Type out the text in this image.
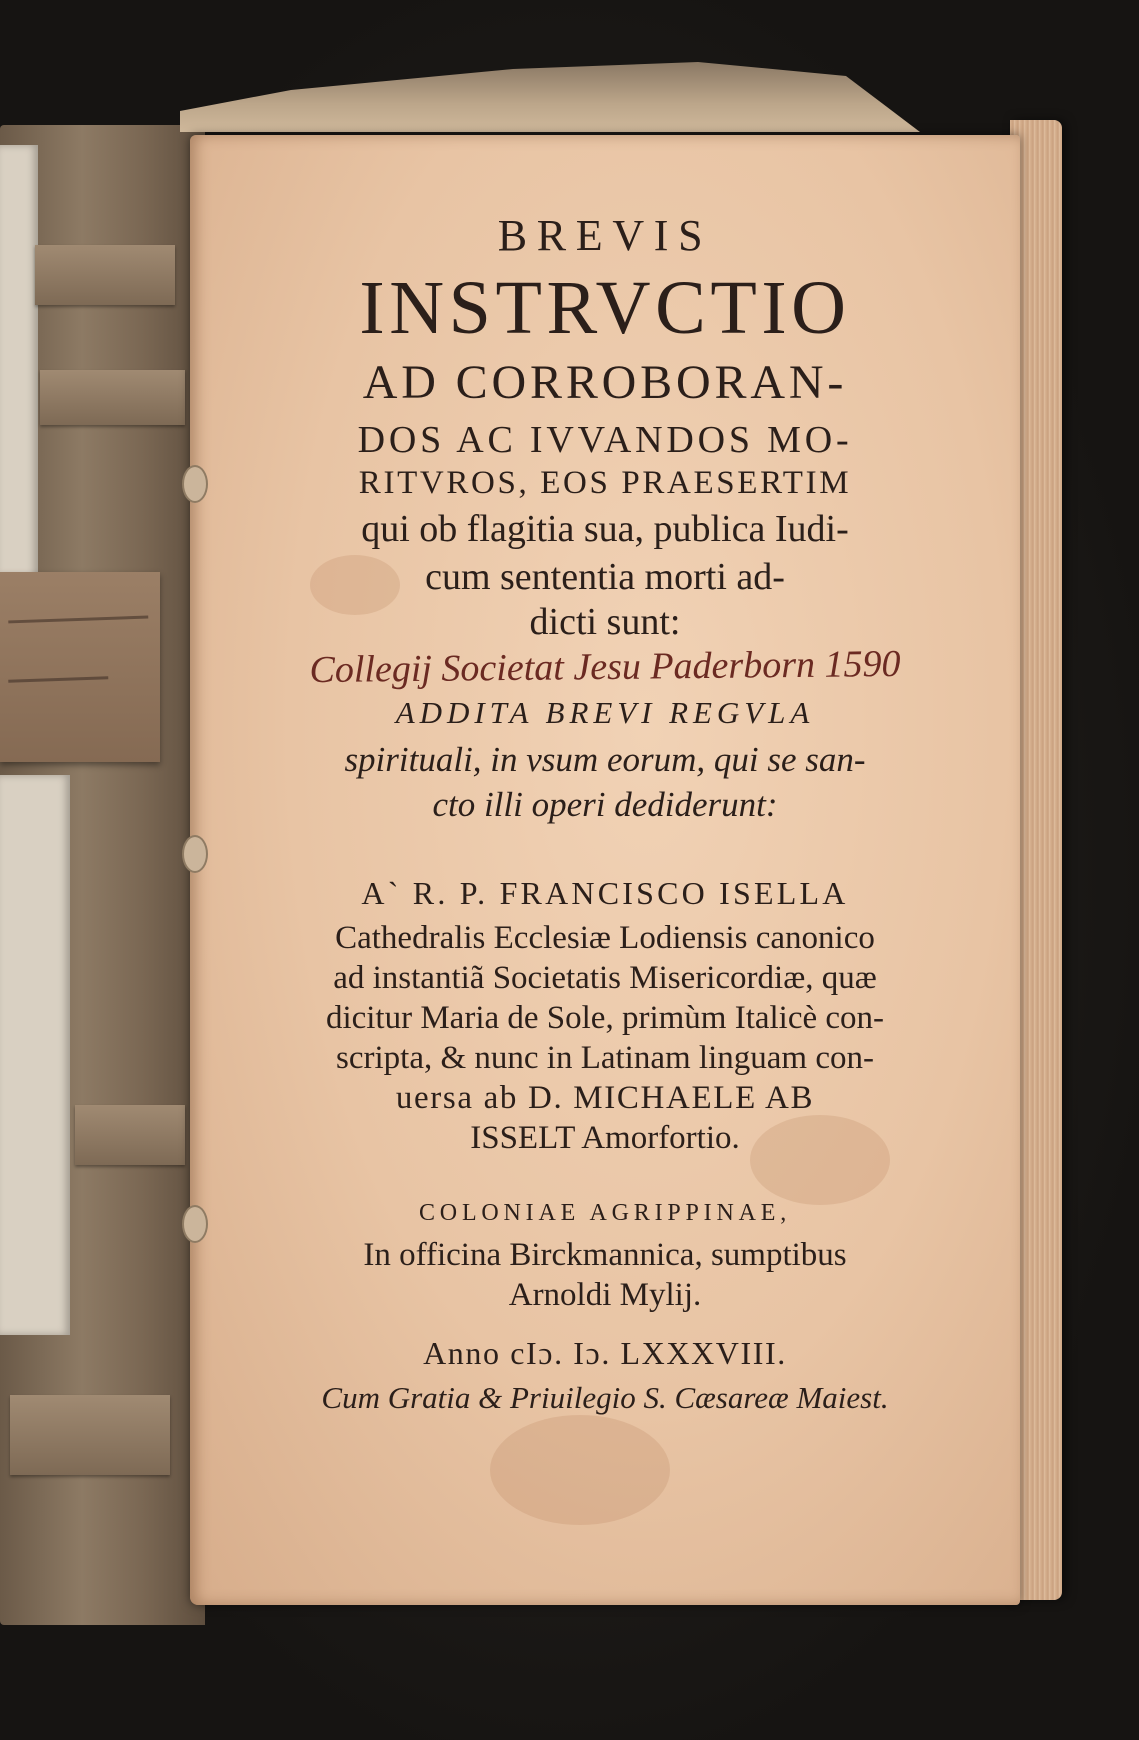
BREVIS

INSTRVCTIO

AD CORROBORAN-

DOS AC IVVANDOS MO-

RITVROS, EOS PRAESERTIM

qui ob flagitia sua, publica Iudi-

cum sententia morti ad-

dicti sunt:

Collegij Societat Jesu Paderborn 1590

ADDITA BREVI REGVLA

spirituali, in vsum eorum, qui se san-

cto illi operi dediderunt:

A` R. P. FRANCISCO ISELLA

Cathedralis Ecclesiæ Lodiensis canonico

ad instantiã Societatis Misericordiæ, quæ

dicitur Maria de Sole, primùm Italicè con-

scripta, & nunc in Latinam linguam con-

uersa ab D. MICHAELE AB

ISSELT Amorfortio.

COLONIAE AGRIPPINAE,

In officina Birckmannica, sumptibus

Arnoldi Mylij.

Anno cIɔ. Iɔ. LXXXVIII.

Cum Gratia & Priuilegio S. Cæsareæ Maiest.
